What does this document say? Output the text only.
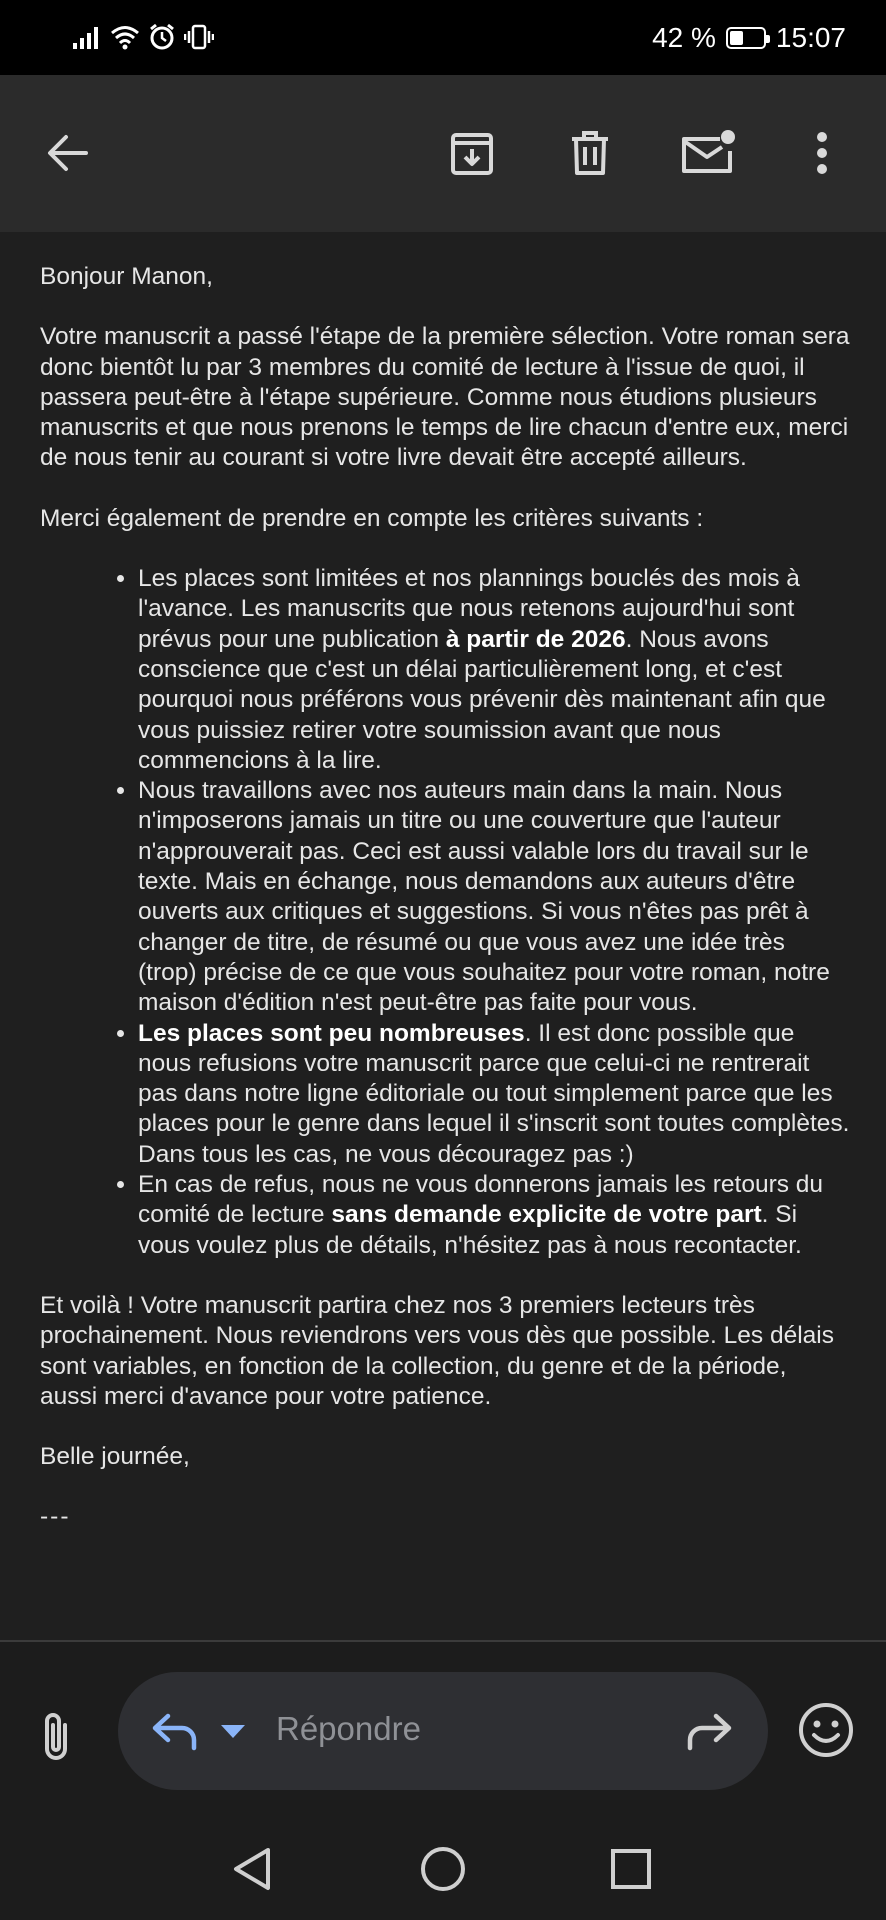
42 % 15:07

Bonjour Manon,

Votre manuscrit a passé l'étape de la première sélection. Votre roman sera donc bientôt lu par 3 membres du comité de lecture à l'issue de quoi, il passera peut-être à l'étape supérieure. Comme nous étudions plusieurs manuscrits et que nous prenons le temps de lire chacun d'entre eux, merci de nous tenir au courant si votre livre devait être accepté ailleurs.

Merci également de prendre en compte les critères suivants :

• Les places sont limitées et nos plannings bouclés des mois à l'avance. Les manuscrits que nous retenons aujourd'hui sont prévus pour une publication à partir de 2026. Nous avons conscience que c'est un délai particulièrement long, et c'est pourquoi nous préférons vous prévenir dès maintenant afin que vous puissiez retirer votre soumission avant que nous commencions à la lire.
• Nous travaillons avec nos auteurs main dans la main. Nous n'imposerons jamais un titre ou une couverture que l'auteur n'approuverait pas. Ceci est aussi valable lors du travail sur le texte. Mais en échange, nous demandons aux auteurs d'être ouverts aux critiques et suggestions. Si vous n'êtes pas prêt à changer de titre, de résumé ou que vous avez une idée très (trop) précise de ce que vous souhaitez pour votre roman, notre maison d'édition n'est peut-être pas faite pour vous.
• Les places sont peu nombreuses. Il est donc possible que nous refusions votre manuscrit parce que celui-ci ne rentrerait pas dans notre ligne éditoriale ou tout simplement parce que les places pour le genre dans lequel il s'inscrit sont toutes complètes. Dans tous les cas, ne vous découragez pas :)
• En cas de refus, nous ne vous donnerons jamais les retours du comité de lecture sans demande explicite de votre part. Si vous voulez plus de détails, n'hésitez pas à nous recontacter.

Et voilà ! Votre manuscrit partira chez nos 3 premiers lecteurs très prochainement. Nous reviendrons vers vous dès que possible. Les délais sont variables, en fonction de la collection, du genre et de la période, aussi merci d'avance pour votre patience.

Belle journée,

---

Répondre
